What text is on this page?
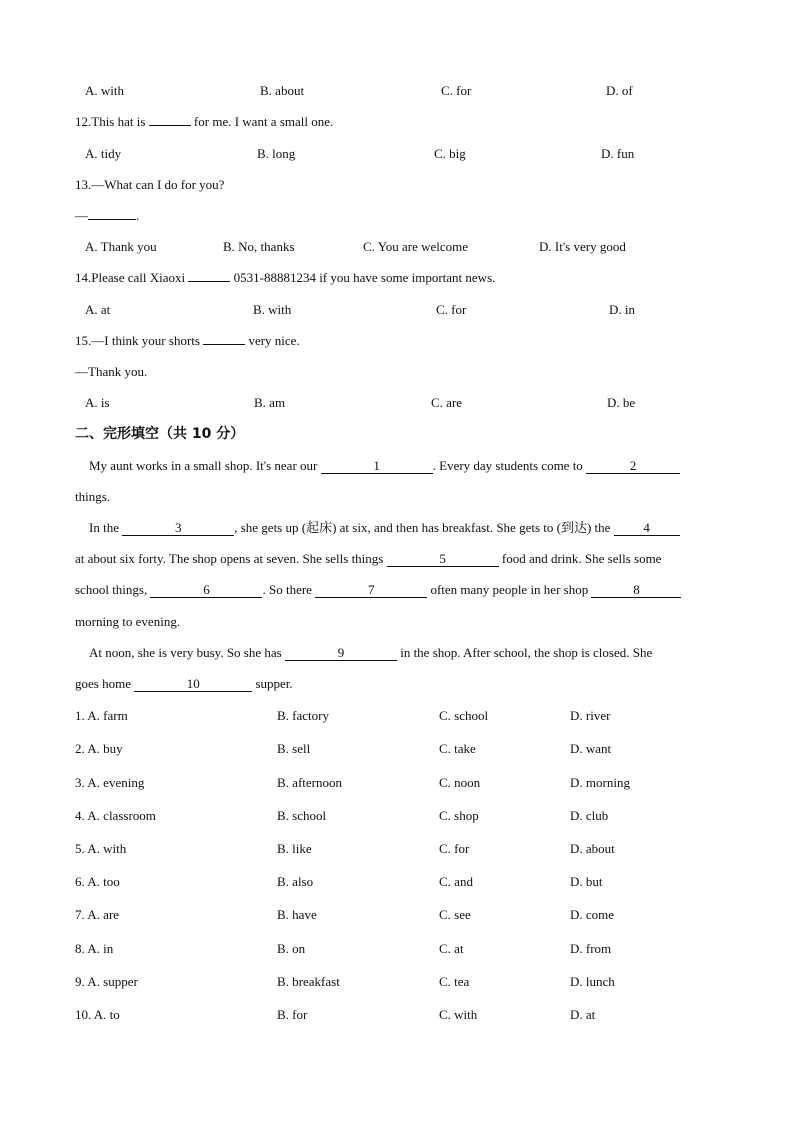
A. with	B. about	C. for	D. of
12.This hat is	for me. I want a small one.
A. tidy	B. long	C. big	D. fun
13.—What can I do for you?
—	.
A. Thank you	B. No, thanks	C. You are welcome	D. It's very good
14.Please call Xiaoxi	0531-88881234 if you have some important news.
A. at	B. with	C. for	D. in
15.—I think your shorts	very nice.
—Thank you.
A. is	B. am	C. are	D. be
二、完形填空（共 10 分）
My aunt works in a small shop. It's near our	1	. Every day students come to	2
things.
In the	3	, she gets up (起床) at six, and then has breakfast. She gets to (到达) the 4
at about six forty. The shop opens at seven. She sells things	5	food and drink. She sells some
school things,	6	. So there	7	often many people in her shop	8
morning to evening.
At noon, she is very busy. So she has	9	in the shop. After school, the shop is closed. She
goes home	10	supper.
1. A. farm	B. factory	C. school	D. river
2. A. buy	B. sell	C. take	D. want
3. A. evening	B. afternoon	C. noon	D. morning
4. A. classroom	B. school	C. shop	D. club
5. A. with	B. like	C. for	D. about
6. A. too	B. also	C. and	D. but
7. A. are	B. have	C. see	D. come
8. A. in	B. on	C. at	D. from
9. A. supper	B. breakfast	C. tea	D. lunch
10. A. to	B. for	C. with	D. at
